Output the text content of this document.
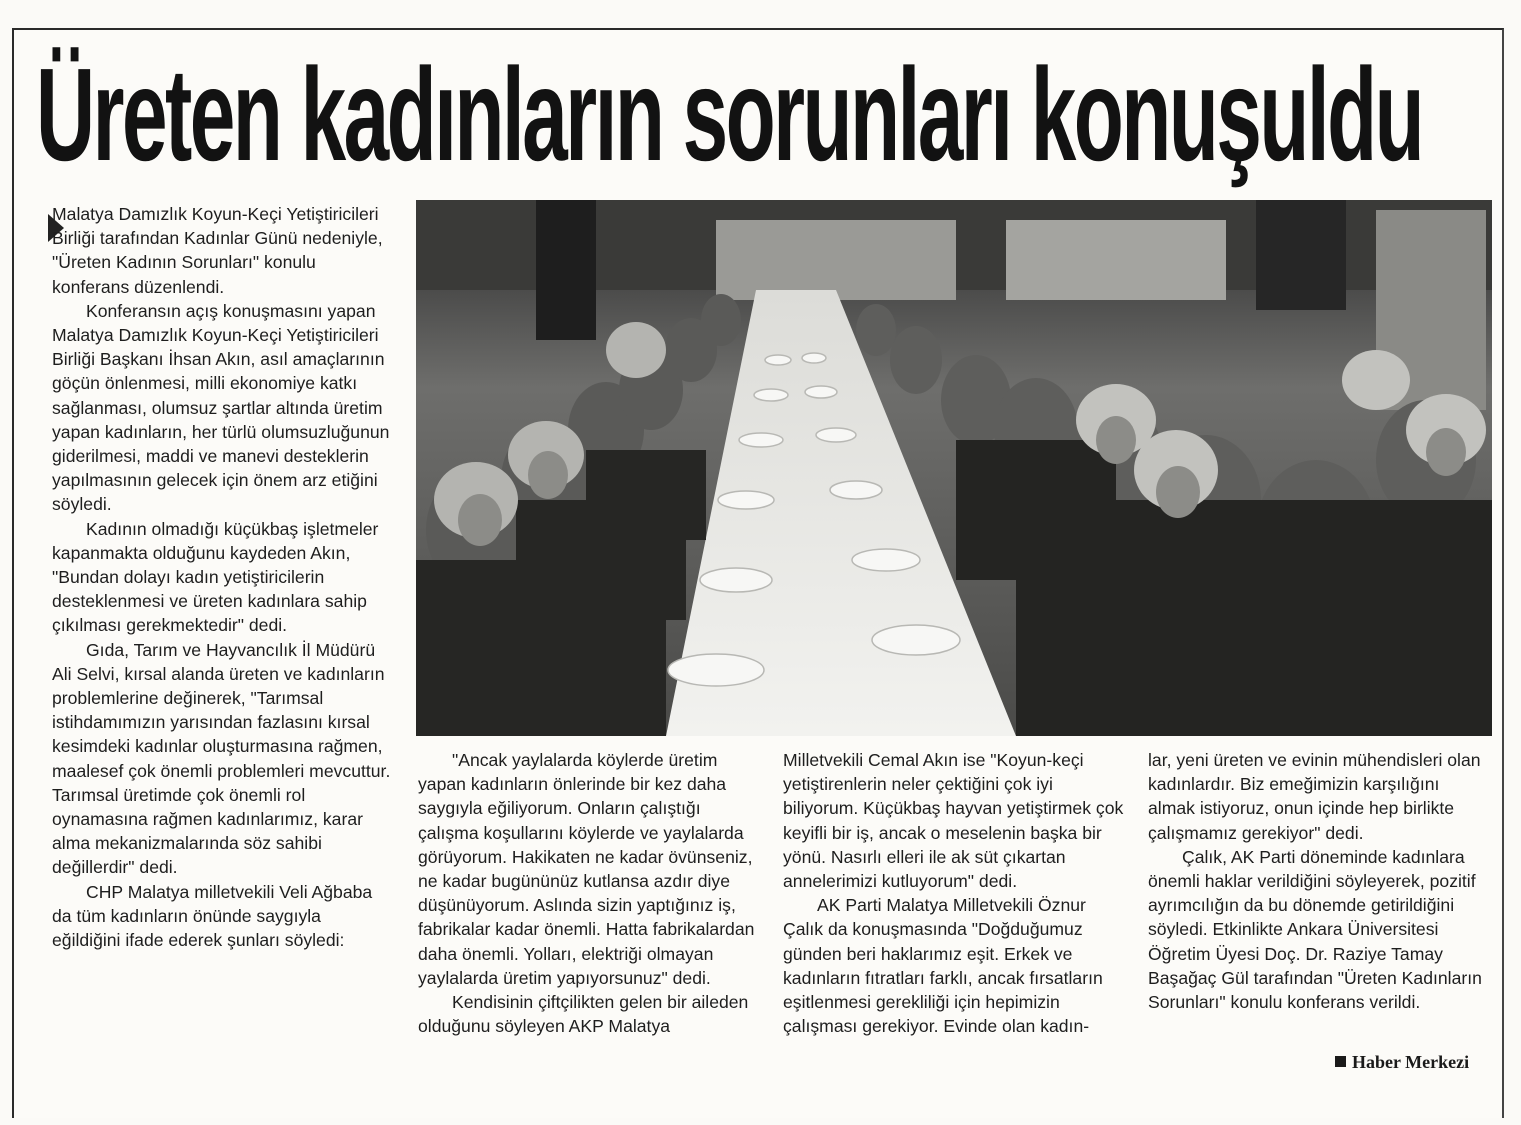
Üreten kadınların sorunları konuşuldu

Malatya Damızlık Koyun-Keçi Yetiştiricileri Birliği tarafından Kadınlar Günü nedeniyle, "Üreten Kadının Sorunları" konulu konferans düzenlendi.

Konferansın açış konuşmasını yapan Malatya Damızlık Koyun-Keçi Yetiştiricileri Birliği Başkanı İhsan Akın, asıl amaçlarının göçün önlenmesi, milli ekonomiye katkı sağlanması, olumsuz şartlar altında üretim yapan kadınların, her türlü olumsuzluğunun giderilmesi, maddi ve manevi desteklerin yapılmasının gelecek için önem arz etiğini söyledi.

Kadının olmadığı küçükbaş işletmeler kapanmakta olduğunu kaydeden Akın, "Bundan dolayı kadın yetiştiricilerin desteklenmesi ve üreten kadınlara sahip çıkılması gerekmektedir" dedi.

Gıda, Tarım ve Hayvancılık İl Müdürü Ali Selvi, kırsal alanda üreten ve kadınların problemlerine değinerek, "Tarımsal istihdamımızın yarısından fazlasını kırsal kesimdeki kadınlar oluşturmasına rağmen, maalesef çok önemli problemleri mevcuttur. Tarımsal üretimde çok önemli rol oynamasına rağmen kadınlarımız, karar alma mekanizmalarında söz sahibi değillerdir" dedi.

CHP Malatya milletvekili Veli Ağbaba da tüm kadınların önünde saygıyla eğildiğini ifade ederek şunları söyledi:

"Ancak yaylalarda köylerde üretim yapan kadınların önlerinde bir kez daha saygıyla eğiliyorum. Onların çalıştığı çalışma koşullarını köylerde ve yaylalarda görüyorum. Hakikaten ne kadar övünseniz, ne kadar bugününüz kutlansa azdır diye düşünüyorum. Aslında sizin yaptığınız iş, fabrikalar kadar önemli. Hatta fabrikalardan daha önemli. Yolları, elektriği olmayan yaylalarda üretim yapıyorsunuz" dedi.

Kendisinin çiftçilikten gelen bir aileden olduğunu söyleyen AKP Malatya

Milletvekili Cemal Akın ise "Koyun-keçi yetiştirenlerin neler çektiğini çok iyi biliyorum. Küçükbaş hayvan yetiştirmek çok keyifli bir iş, ancak o meselenin başka bir yönü. Nasırlı elleri ile ak süt çıkartan annelerimizi kutluyorum" dedi.

AK Parti Malatya Milletvekili Öznur Çalık da konuşmasında "Doğduğumuz günden beri haklarımız eşit. Erkek ve kadınların fıtratları farklı, ancak fırsatların eşitlenmesi gerekliliği için hepimizin çalışması gerekiyor. Evinde olan kadın-

lar, yeni üreten ve evinin mühendisleri olan kadınlardır. Biz emeğimizin karşılığını almak istiyoruz, onun içinde hep birlikte çalışmamız gerekiyor" dedi.

Çalık, AK Parti döneminde kadınlara önemli haklar verildiğini söyleyerek, pozitif ayrımcılığın da bu dönemde getirildiğini söyledi. Etkinlikte Ankara Üniversitesi Öğretim Üyesi Doç. Dr. Raziye Tamay Başağaç Gül tarafından "Üreten Kadınların Sorunları" konulu konferans verildi.

Haber Merkezi
